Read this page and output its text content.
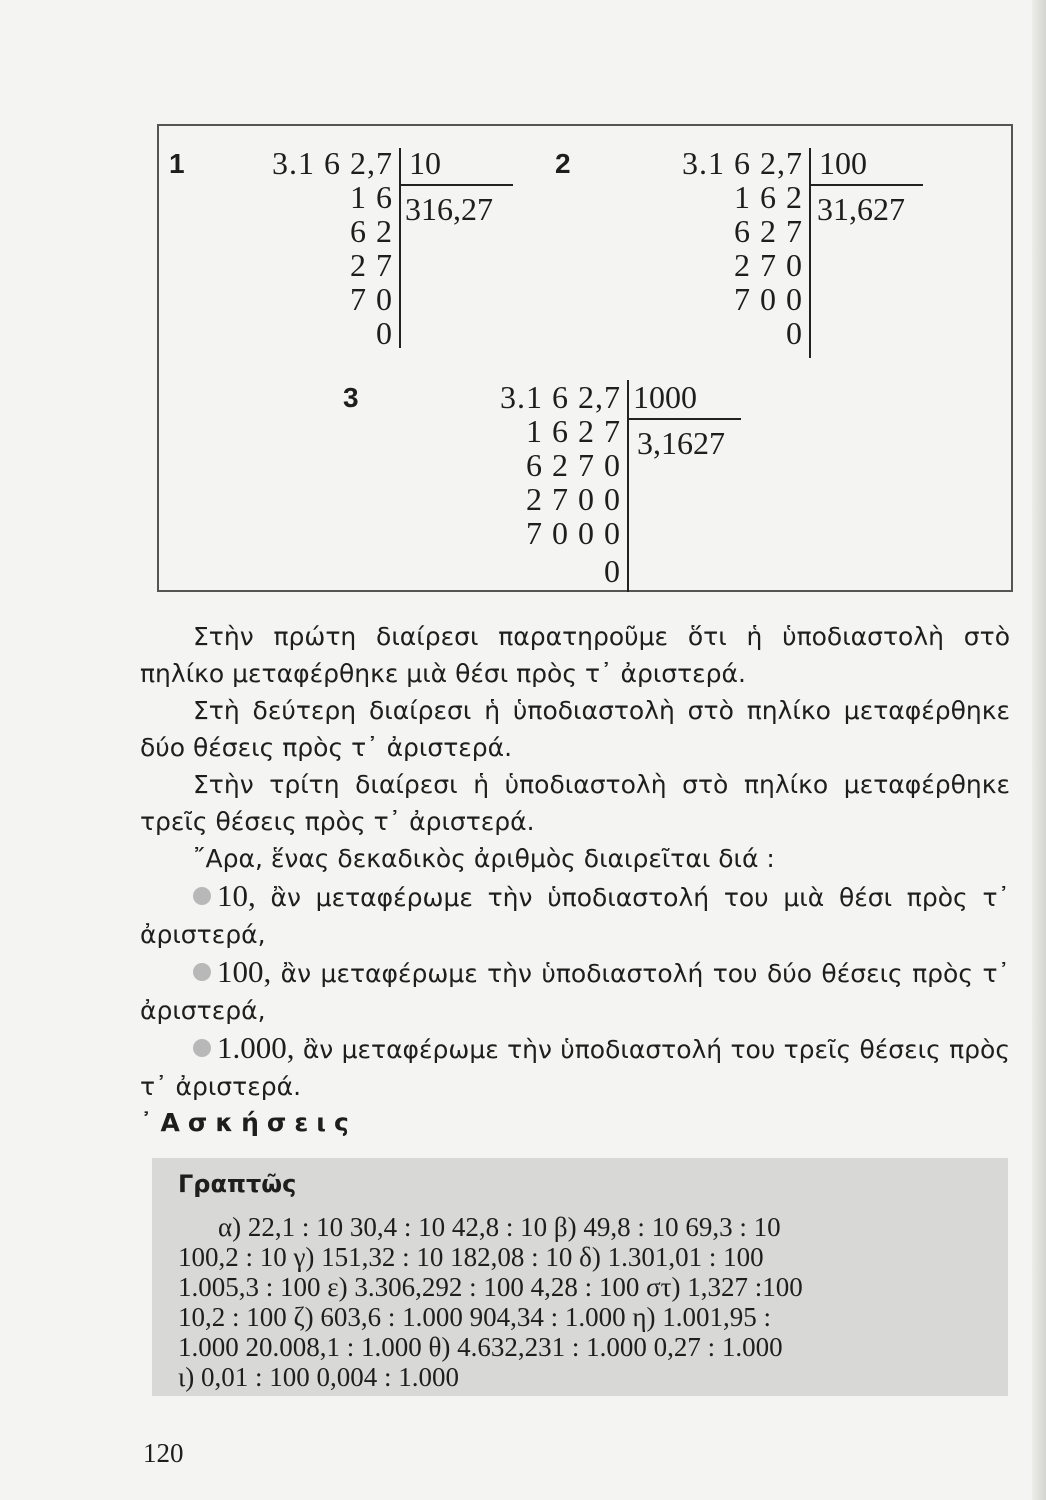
1	3.1 6 2,7
1 6
6 2
2 7
7 0
0
10
316,27
2	3.1 6 2,7
1 6 2
6 2 7
2 7 0
7 0 0
0
100
31,627
3	3.1 6 2,7
1 6 2 7
6 2 7 0
2 7 0 0
7 0 0 0
0
1000
3,1627

Στὴν πρώτη διαίρεσι παρατηροῦμε ὅτι ἡ ὑποδιαστολὴ στὸ πηλίκο μεταφέρθηκε μιὰ θέσι πρὸς τ᾿ ἀριστερά.

Στὴ δεύτερη διαίρεσι ἡ ὑποδιαστολὴ στὸ πηλίκο μεταφέρθηκε δύο θέσεις πρὸς τ᾿ ἀριστερά.

Στὴν τρίτη διαίρεσι ἡ ὑποδιαστολὴ στὸ πηλίκο μεταφέρθηκε τρεῖς θέσεις πρὸς τ᾿ ἀριστερά.

῎Αρα, ἕνας δεκαδικὸς ἀριθμὸς διαιρεῖται διά :

10, ἂν μεταφέρωμε τὴν ὑποδιαστολή του μιὰ θέσι πρὸς τ᾿ ἀριστερά,

100, ἂν μεταφέρωμε τὴν ὑποδιαστολή του δύο θέσεις πρὸς τ᾿ ἀριστερά,

1.000, ἂν μεταφέρωμε τὴν ὑποδιαστολή του τρεῖς θέσεις πρὸς τ᾿ ἀριστερά.

᾿Ασκήσεις
Γραπτῶς
α) 22,1 : 10 30,4 : 10 42,8 : 10 β) 49,8 : 10 69,3 : 10
100,2 : 10 γ) 151,32 : 10 182,08 : 10 δ) 1.301,01 : 100
1.005,3 : 100 ε) 3.306,292 : 100 4,28 : 100 στ) 1,327 :100
10,2 : 100 ζ) 603,6 : 1.000 904,34 : 1.000 η) 1.001,95 :
1.000 20.008,1 : 1.000 θ) 4.632,231 : 1.000 0,27 : 1.000
ι) 0,01 : 100 0,004 : 1.000
120
